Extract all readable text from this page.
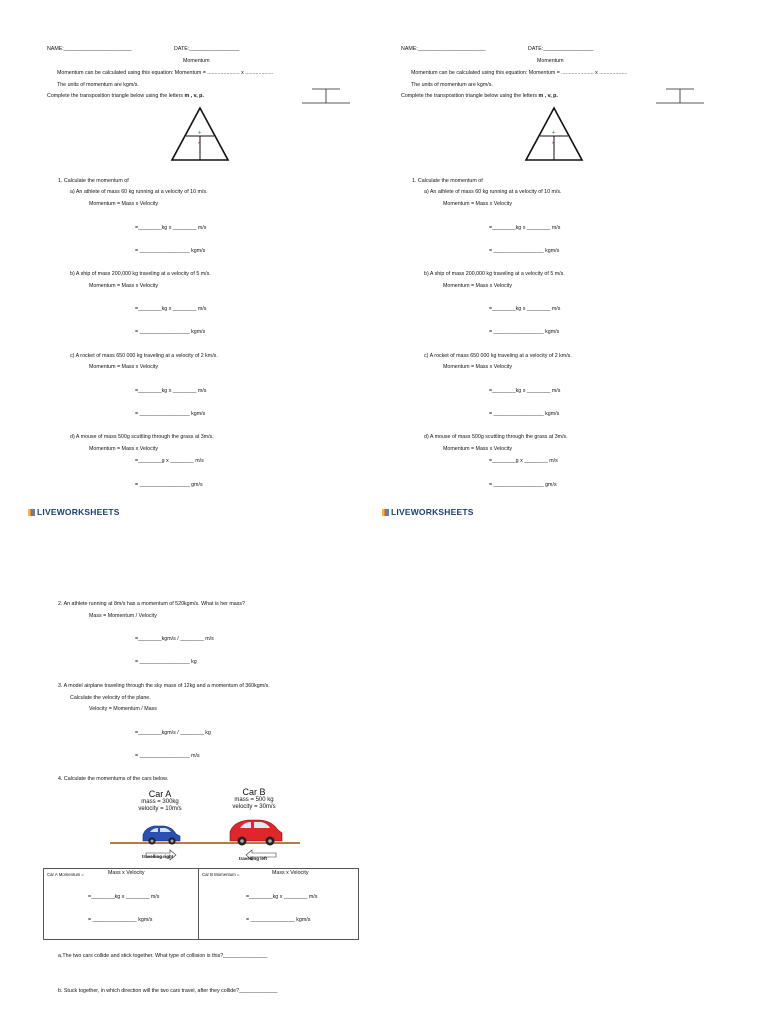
NAME:_______________________	DATE:_________________
Momentum
Momentum can be calculated using this equation: Momentum = ...................... x ...................
The units of momentum are kgm/s.
Complete the transposition triangle below using the letters m , v, p.
+
x
1. Calculate the momentum of
a) An athlete of mass 60 kg running at a velocity of 10 m/s.
Momentum = Mass x Velocity
=________kg x ________ m/s
= _________________ kgm/s
b) A ship of mass 200,000 kg traveling at a velocity of 5 m/s.
Momentum = Mass x Velocity
=________kg x ________ m/s
= _________________ kgm/s
c) A rocket of mass 650 000 kg traveling at a velocity of 2 km/s.
Momentum = Mass x Velocity
=________kg x ________ m/s
= _________________ kgm/s
d) A mouse of mass 500g scuttling through the grass at 3m/s.
Momentum = Mass x Velocity
=________g x ________ m/s
= _________________ gm/s
LIVEWORKSHEETS
NAME:_______________________	DATE:_________________
Momentum
Momentum can be calculated using this equation: Momentum = ...................... x ...................
The units of momentum are kgm/s.
Complete the transposition triangle below using the letters m , v, p.
+
x
1. Calculate the momentum of
a) An athlete of mass 60 kg running at a velocity of 10 m/s.
Momentum = Mass x Velocity
=________kg x ________ m/s
= _________________ kgm/s
b) A ship of mass 200,000 kg traveling at a velocity of 5 m/s.
Momentum = Mass x Velocity
=________kg x ________ m/s
= _________________ kgm/s
c) A rocket of mass 650 000 kg traveling at a velocity of 2 km/s.
Momentum = Mass x Velocity
=________kg x ________ m/s
= _________________ kgm/s
d) A mouse of mass 500g scuttling through the grass at 3m/s.
Momentum = Mass x Velocity
=________g x ________ m/s
= _________________ gm/s
LIVEWORKSHEETS
2. An athlete running at 8m/s has a momentum of 520kgm/s. What is her mass?
Mass = Momentum / Velocity
=________kgm/s / ________ m/s
= _________________ kg
3. A model airplane traveling through the sky mass of 12kg and a momentum of 360kgm/s.
Calculate the velocity of the plane.
Velocity = Momentum / Mass
=________kgm/s / ________ kg
= _________________ m/s
4. Calculate the momentums of the cars below.
Car A
mass = 300kg
velocity = 10m/s
Car B
mass = 500 kg
velocity = 30m/s
travelling right	travelling left
Car A Momentum =	Mass x Velocity	Car B Momentum =	Mass x Velocity
=________kg x ________ m/s
= _______________ kgm/s
=________kg x ________ m/s
= _______________ kgm/s
a.The two cars collide and stick together. What type of collision is this?_______________
b. Stuck together, in which direction will the two cars travel, after they collide?_____________
